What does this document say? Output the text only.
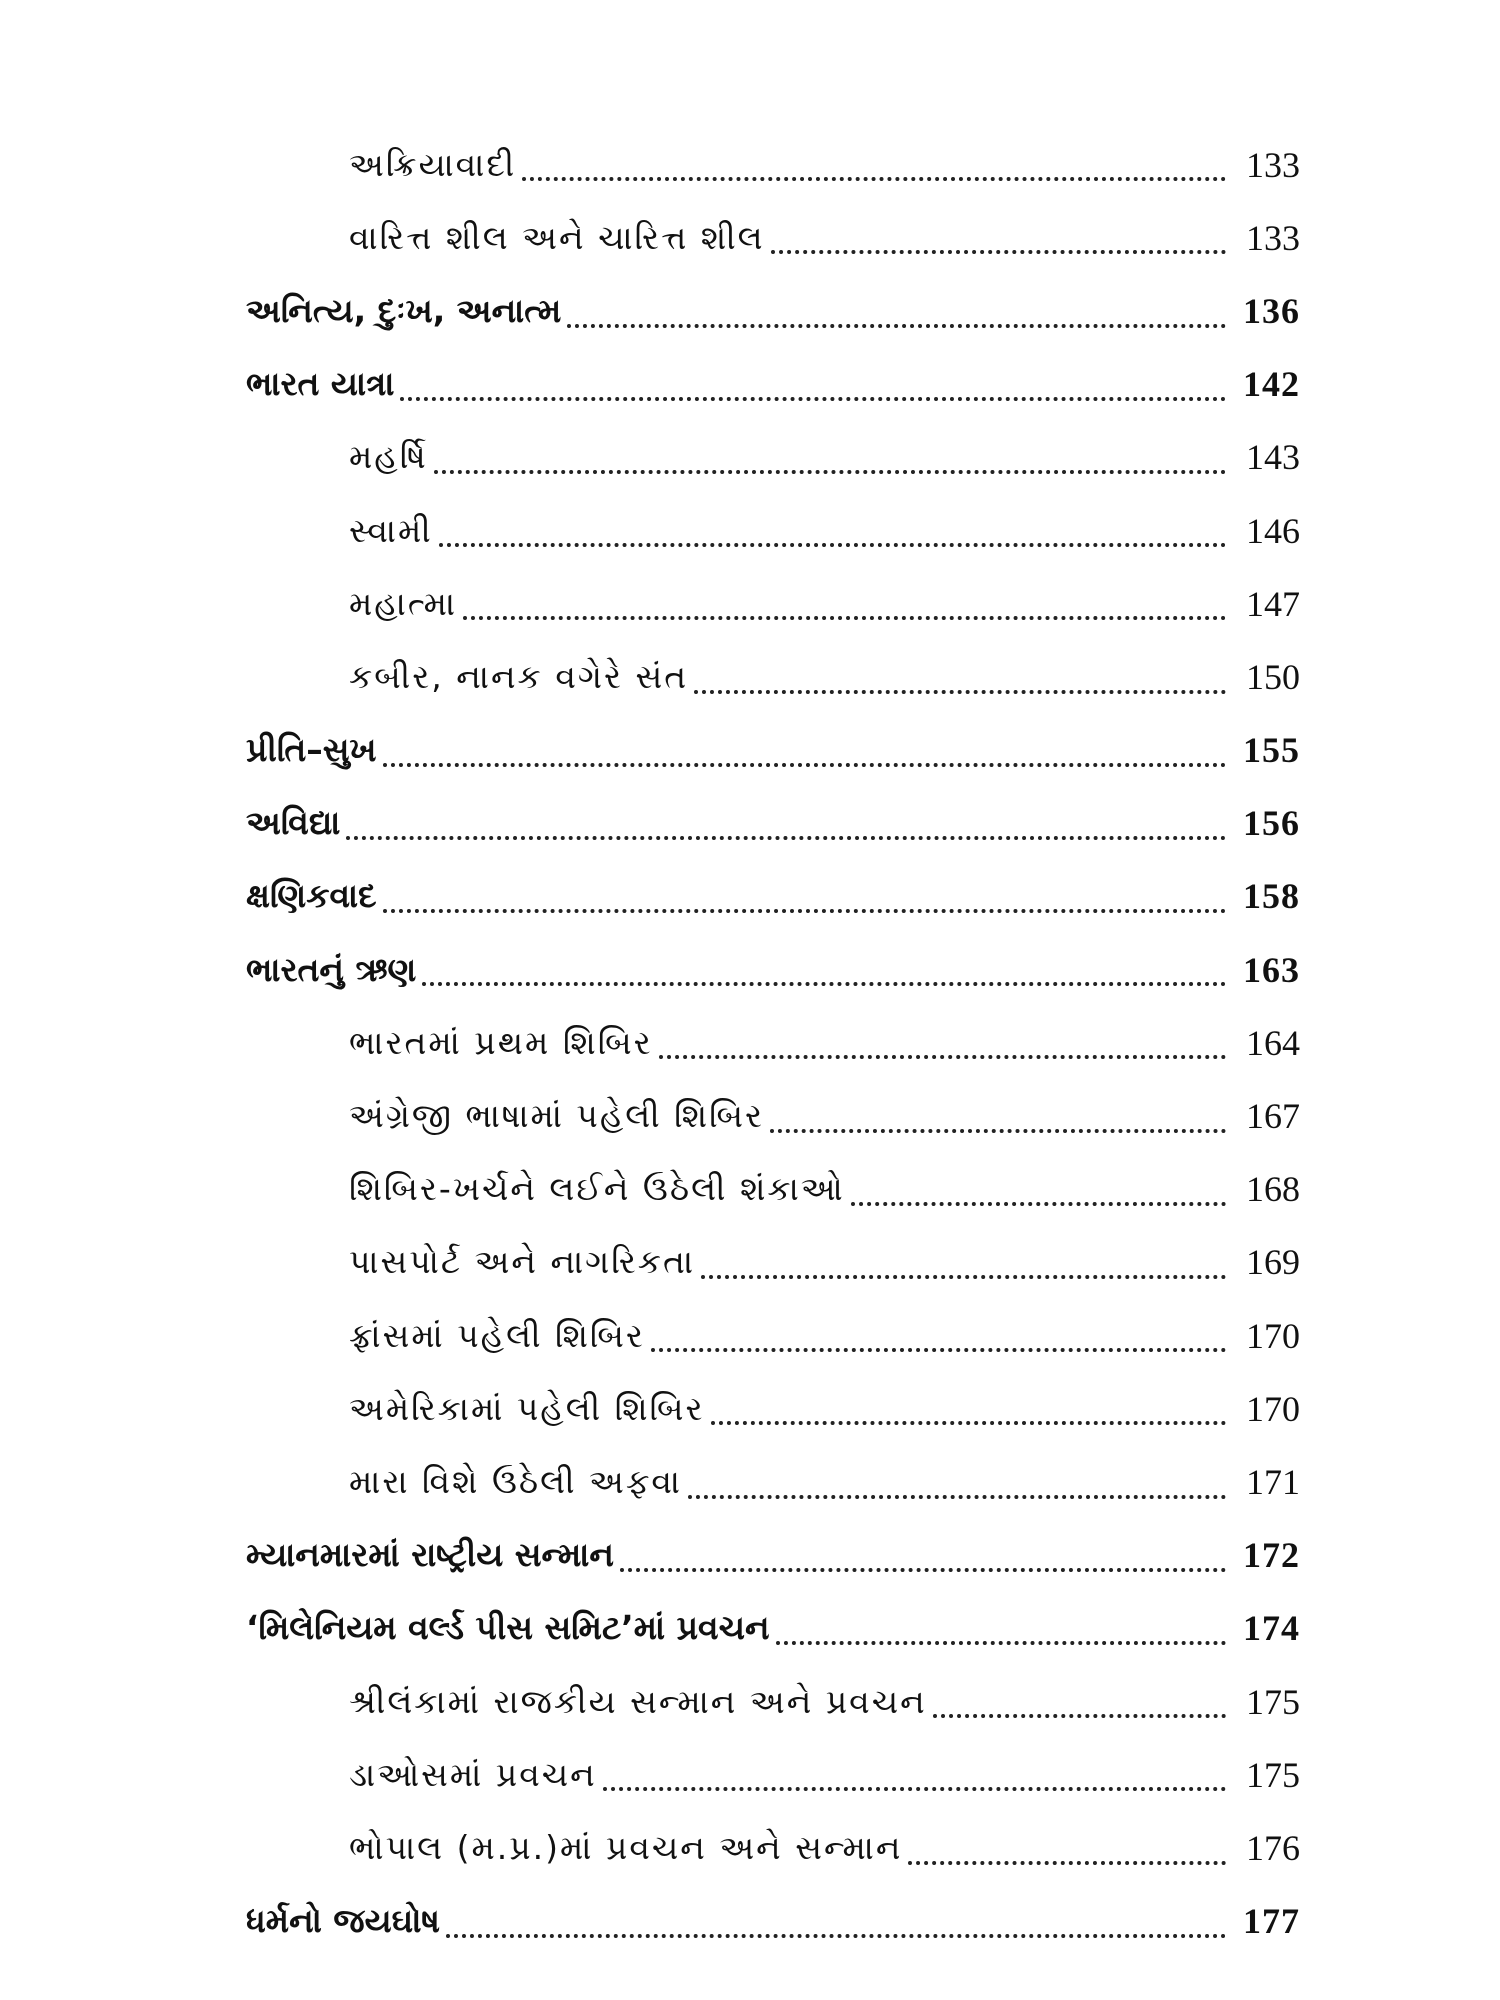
અક્રિયાવાદી	133
વારિત્ત શીલ અને ચારિત્ત શીલ	133
અનિત્ય, દુઃખ, અનાત્મ	136
ભારત યાત્રા	142
મહર્ષિ	143
સ્વામી	146
મહાત્મા	147
કબીર, નાનક વગેરે સંત	150
પ્રીતિ–સુખ	155
અવિદ્યા	156
ક્ષણિકવાદ	158
ભારતનું ઋણ	163
ભારતમાં પ્રથમ શિબિર	164
અંગ્રેજી ભાષામાં પહેલી શિબિર	167
શિબિર-ખર્ચને લઈને ઉઠેલી શંકાઓ	168
પાસપોર્ટ અને નાગરિકતા	169
ફ્રાંસમાં પહેલી શિબિર	170
અમેરિકામાં પહેલી શિબિર	170
મારા વિશે ઉઠેલી અફવા	171
મ્યાનમારમાં રાષ્ટ્રીય સન્માન	172
‘મિલેનિયમ વર્લ્ડ પીસ સમિટ’માં પ્રવચન	174
શ્રીલંકામાં રાજકીય સન્માન અને પ્રવચન	175
ડાઓસમાં પ્રવચન	175
ભોપાલ (મ.પ્ર.)માં પ્રવચન અને સન્માન	176
ધર્મનો જયઘોષ	177
